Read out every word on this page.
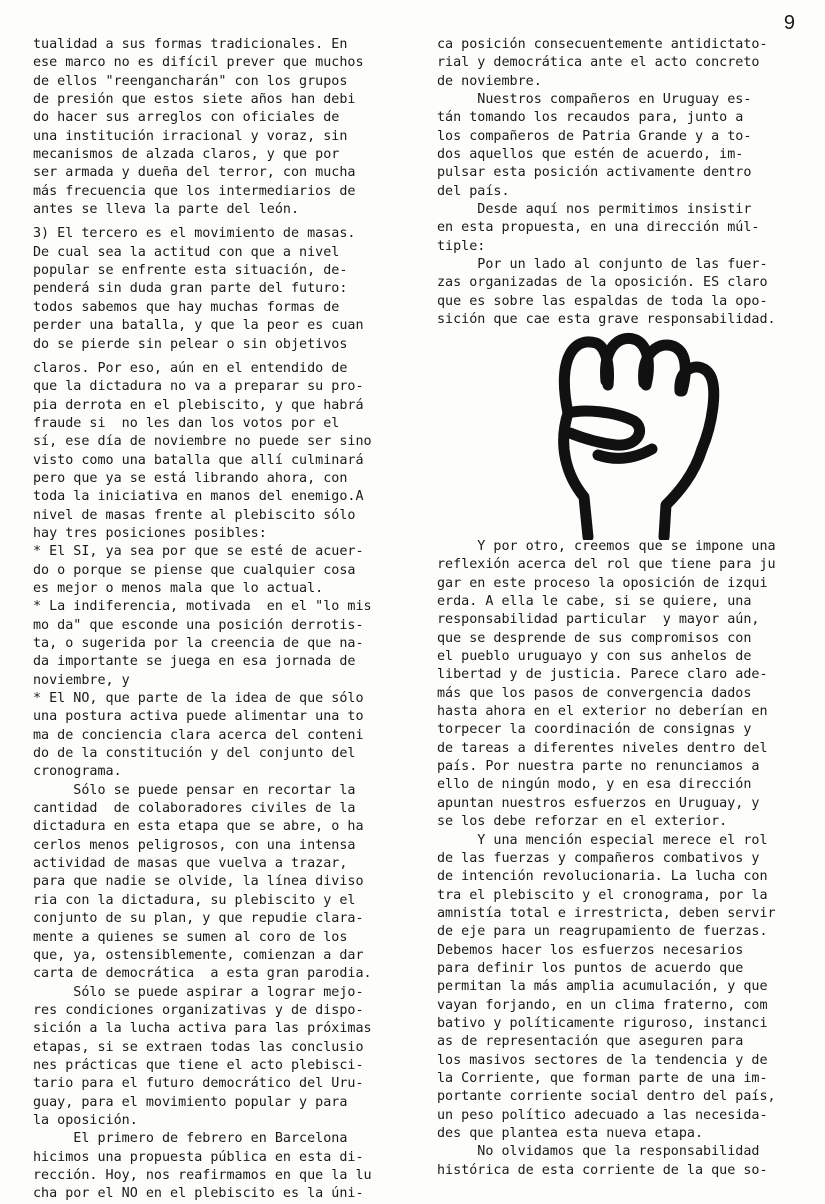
9
tualidad a sus formas tradicionales. En
ese marco no es difícil prever que muchos
de ellos "reengancharán" con los grupos
de presión que estos siete años han debi
do hacer sus arreglos con oficiales de
una institución irracional y voraz, sin
mecanismos de alzada claros, y que por
ser armada y dueña del terror, con mucha
más frecuencia que los intermediarios de
antes se lleva la parte del león.
3) El tercero es el movimiento de masas.
De cual sea la actitud con que a nivel
popular se enfrente esta situación, de-
penderá sin duda gran parte del futuro:
todos sabemos que hay muchas formas de
perder una batalla, y que la peor es cuan
do se pierde sin pelear o sin objetivos
claros. Por eso, aún en el entendido de
que la dictadura no va a preparar su pro-
pia derrota en el plebiscito, y que habrá
fraude si  no les dan los votos por el
sí, ese día de noviembre no puede ser sino
visto como una batalla que allí culminará
pero que ya se está librando ahora, con
toda la iniciativa en manos del enemigo.A
nivel de masas frente al plebiscito sólo
hay tres posiciones posibles:
* El SI, ya sea por que se esté de acuer-
do o porque se piense que cualquier cosa
es mejor o menos mala que lo actual.
* La indiferencia, motivada  en el "lo mis
mo da" que esconde una posición derrotis-
ta, o sugerida por la creencia de que na-
da importante se juega en esa jornada de
noviembre, y
* El NO, que parte de la idea de que sólo
una postura activa puede alimentar una to
ma de conciencia clara acerca del conteni
do de la constitución y del conjunto del
cronograma.
Sólo se puede pensar en recortar la
cantidad  de colaboradores civiles de la
dictadura en esta etapa que se abre, o ha
cerlos menos peligrosos, con una intensa
actividad de masas que vuelva a trazar,
para que nadie se olvide, la línea diviso
ria con la dictadura, su plebiscito y el
conjunto de su plan, y que repudie clara-
mente a quienes se sumen al coro de los
que, ya, ostensiblemente, comienzan a dar
carta de democrática  a esta gran parodia.
Sólo se puede aspirar a lograr mejo-
res condiciones organizativas y de dispo-
sición a la lucha activa para las próximas
etapas, si se extraen todas las conclusio
nes prácticas que tiene el acto plebisci-
tario para el futuro democrático del Uru-
guay, para el movimiento popular y para
la oposición.
El primero de febrero en Barcelona
hicimos una propuesta pública en esta di-
rección. Hoy, nos reafirmamos en que la lu
cha por el NO en el plebiscito es la úni-
ca posición consecuentemente antidictato-
rial y democrática ante el acto concreto
de noviembre.
Nuestros compañeros en Uruguay es-
tán tomando los recaudos para, junto a
los compañeros de Patria Grande y a to-
dos aquellos que estén de acuerdo, im-
pulsar esta posición activamente dentro
del país.
Desde aquí nos permitimos insistir
en esta propuesta, en una dirección múl-
tiple:
Por un lado al conjunto de las fuer-
zas organizadas de la oposición. ES claro
que es sobre las espaldas de toda la opo-
sición que cae esta grave responsabilidad.
Y por otro, creemos que se impone una
reflexión acerca del rol que tiene para ju
gar en este proceso la oposición de izqui
erda. A ella le cabe, si se quiere, una
responsabilidad particular  y mayor aún,
que se desprende de sus compromisos con
el pueblo uruguayo y con sus anhelos de
libertad y de justicia. Parece claro ade-
más que los pasos de convergencia dados
hasta ahora en el exterior no deberían en
torpecer la coordinación de consignas y
de tareas a diferentes niveles dentro del
país. Por nuestra parte no renunciamos a
ello de ningún modo, y en esa dirección
apuntan nuestros esfuerzos en Uruguay, y
se los debe reforzar en el exterior.
Y una mención especial merece el rol
de las fuerzas y compañeros combativos y
de intención revolucionaria. La lucha con
tra el plebiscito y el cronograma, por la
amnistía total e irrestricta, deben servir
de eje para un reagrupamiento de fuerzas.
Debemos hacer los esfuerzos necesarios
para definir los puntos de acuerdo que
permitan la más amplia acumulación, y que
vayan forjando, en un clima fraterno, com
bativo y políticamente riguroso, instanci
as de representación que aseguren para
los masivos sectores de la tendencia y de
la Corriente, que forman parte de una im-
portante corriente social dentro del país,
un peso político adecuado a las necesida-
des que plantea esta nueva etapa.
No olvidamos que la responsabilidad
histórica de esta corriente de la que so-
